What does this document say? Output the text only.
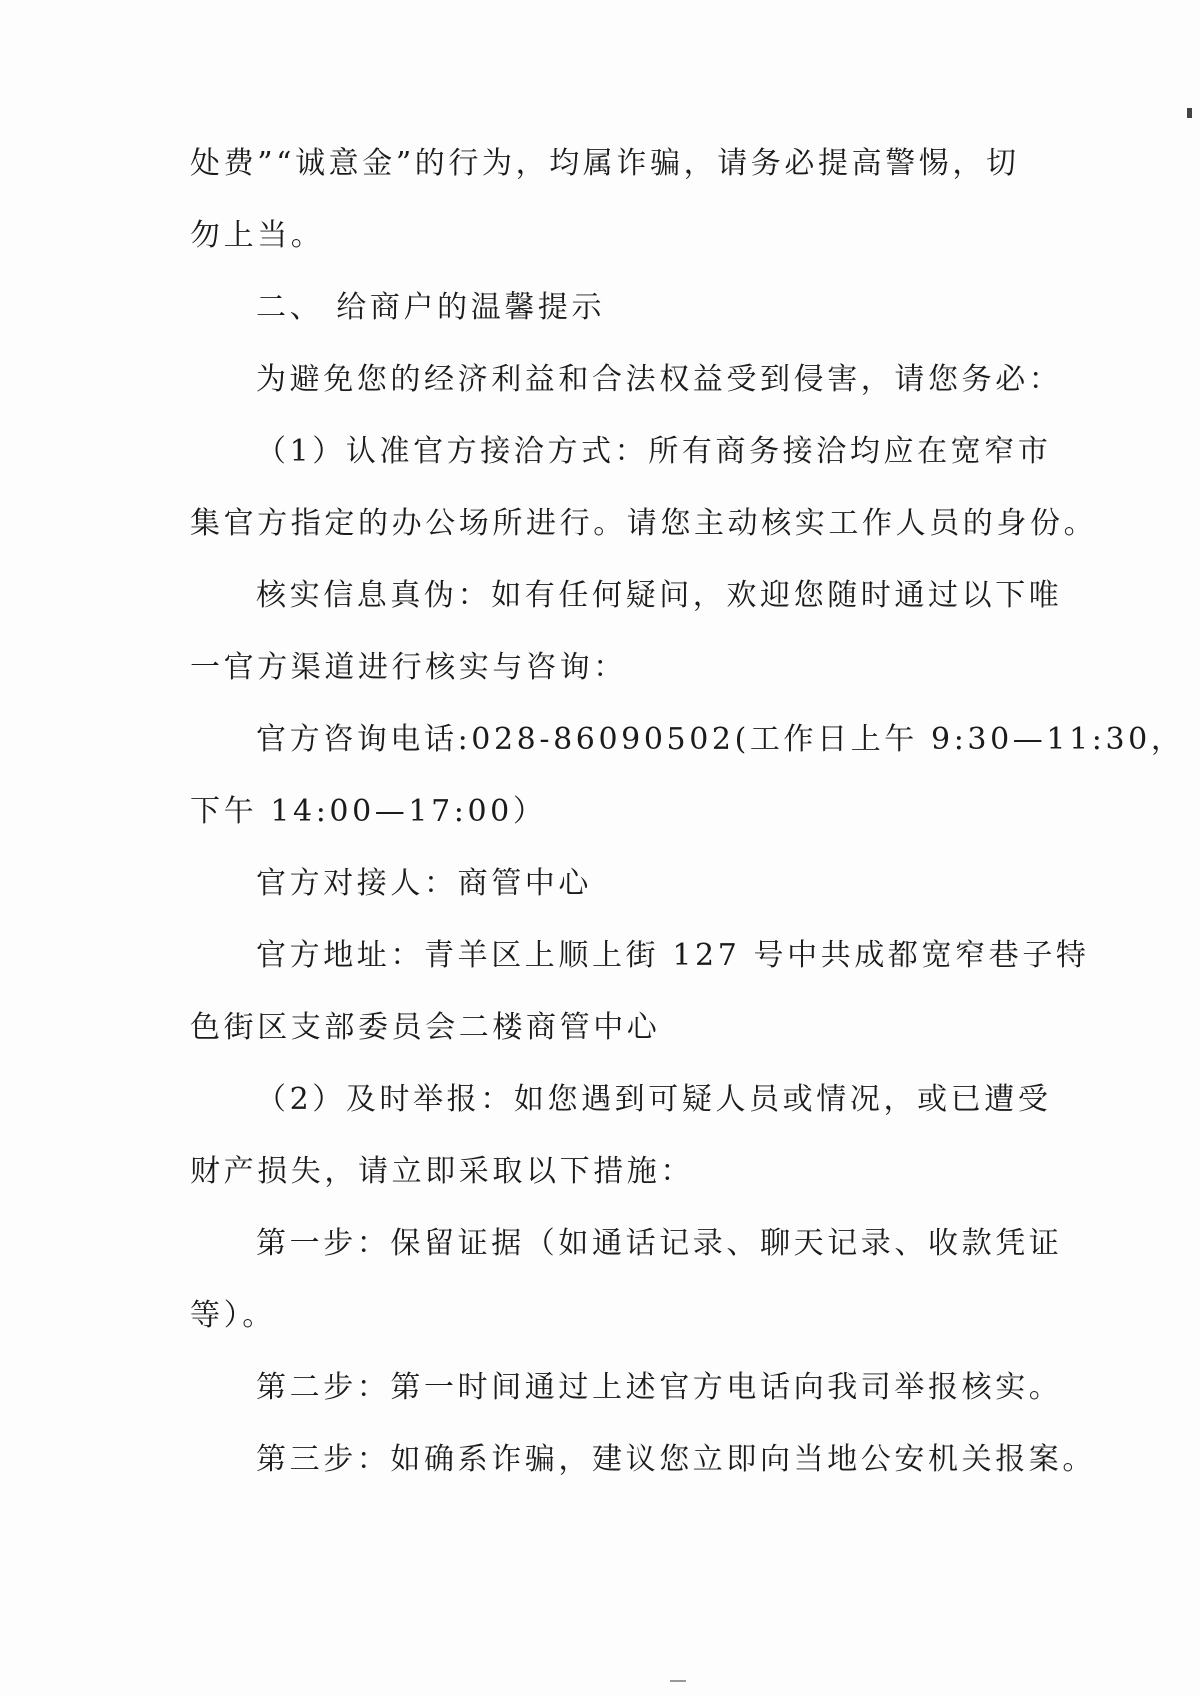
处费”“诚意金”的行为，均属诈骗，请务必提高警惕，切
勿上当。

二、 给商户的温馨提示

为避免您的经济利益和合法权益受到侵害，请您务必：

（1）认准官方接洽方式：所有商务接洽均应在宽窄市
集官方指定的办公场所进行。请您主动核实工作人员的身份。

核实信息真伪：如有任何疑问，欢迎您随时通过以下唯
一官方渠道进行核实与咨询：

官方咨询电话:028-86090502(工作日上午 9:30—11:30，
下午 14:00—17:00）

官方对接人：商管中心

官方地址：青羊区上顺上街 127 号中共成都宽窄巷子特
色街区支部委员会二楼商管中心

（2）及时举报：如您遇到可疑人员或情况，或已遭受
财产损失，请立即采取以下措施：

第一步：保留证据（如通话记录、聊天记录、收款凭证
等）。

第二步：第一时间通过上述官方电话向我司举报核实。

第三步：如确系诈骗，建议您立即向当地公安机关报案。
